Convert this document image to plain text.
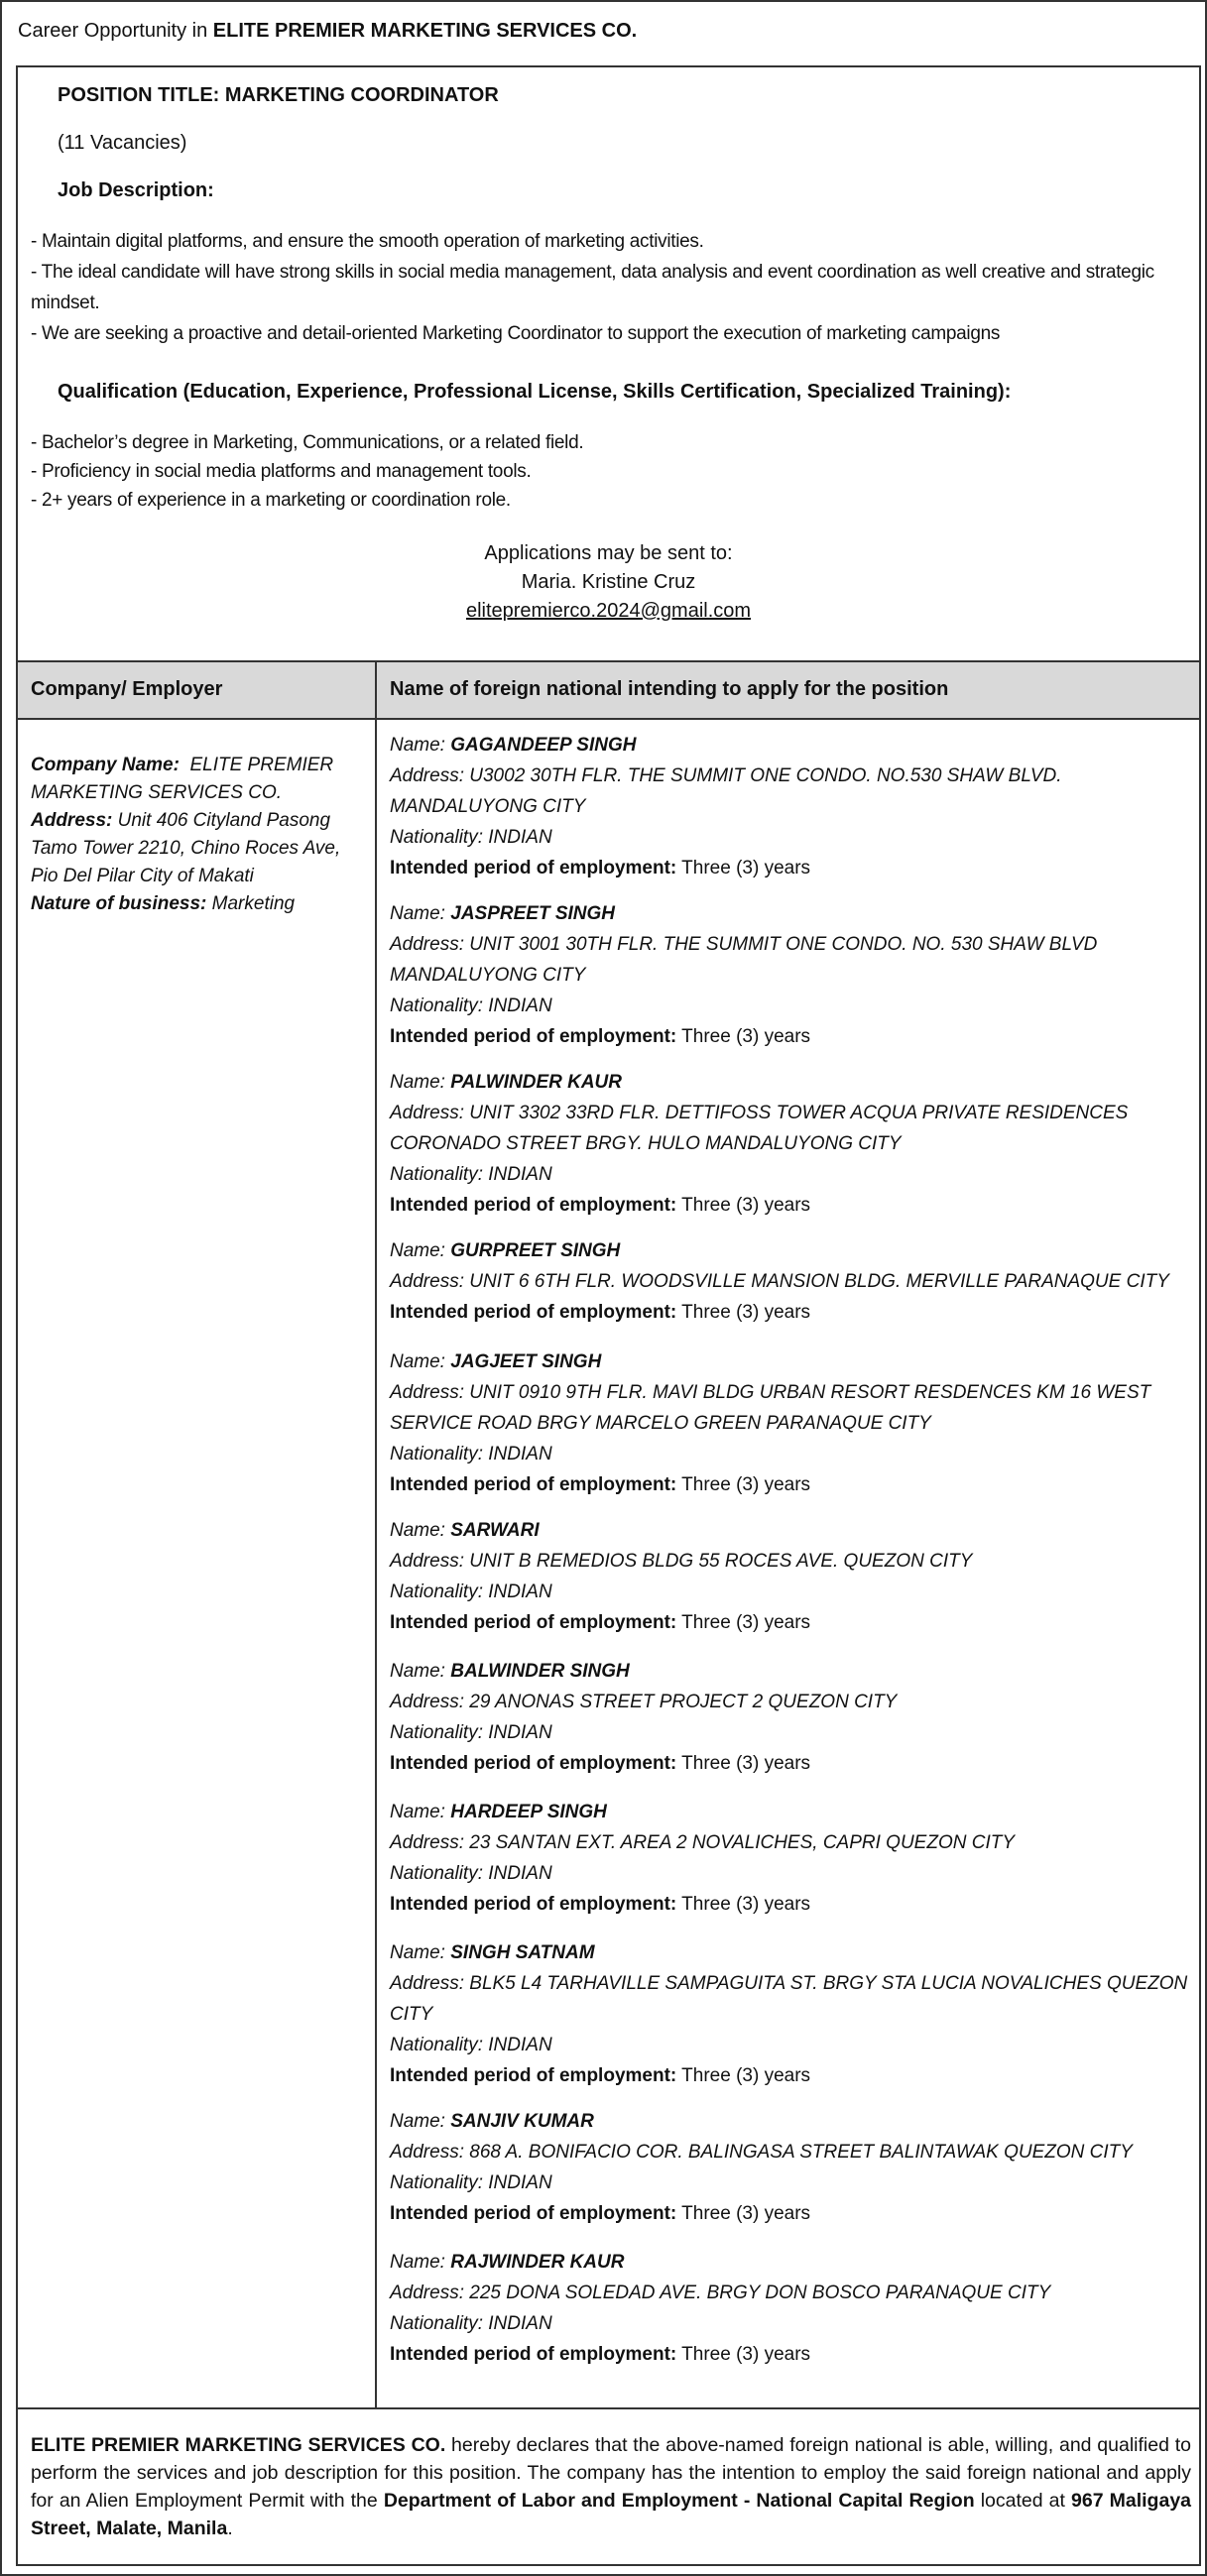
Career Opportunity in ELITE PREMIER MARKETING SERVICES CO.
POSITION TITLE: MARKETING COORDINATOR
(11 Vacancies)
Job Description:
- Maintain digital platforms, and ensure the smooth operation of marketing activities.
- The ideal candidate will have strong skills in social media management, data analysis and event coordination as well creative and strategic mindset.
- We are seeking a proactive and detail-oriented Marketing Coordinator to support the execution of marketing campaigns
Qualification (Education, Experience, Professional License, Skills Certification, Specialized Training):
- Bachelor’s degree in Marketing, Communications, or a related field.
- Proficiency in social media platforms and management tools.
- 2+ years of experience in a marketing or coordination role.
Applications may be sent to:
Maria. Kristine Cruz
elitepremierco.2024@gmail.com
Company/ Employer	Name of foreign national intending to apply for the position
Company Name: ELITE PREMIER MARKETING SERVICES CO.
Address: Unit 406 Cityland Pasong Tamo Tower 2210, Chino Roces Ave, Pio Del Pilar City of Makati
Nature of business: Marketing
Name: GAGANDEEP SINGH
Address: U3002 30TH FLR. THE SUMMIT ONE CONDO. NO.530 SHAW BLVD. MANDALUYONG CITY
Nationality: INDIAN
Intended period of employment: Three (3) years
Name: JASPREET SINGH
Address: UNIT 3001 30TH FLR. THE SUMMIT ONE CONDO. NO. 530 SHAW BLVD MANDALUYONG CITY
Nationality: INDIAN
Intended period of employment: Three (3) years
Name: PALWINDER KAUR
Address: UNIT 3302 33RD FLR. DETTIFOSS TOWER ACQUA PRIVATE RESIDENCES CORONADO STREET BRGY. HULO MANDALUYONG CITY
Nationality: INDIAN
Intended period of employment: Three (3) years
Name: GURPREET SINGH
Address: UNIT 6 6TH FLR. WOODSVILLE MANSION BLDG. MERVILLE PARANAQUE CITY
Intended period of employment: Three (3) years
Name: JAGJEET SINGH
Address: UNIT 0910 9TH FLR. MAVI BLDG URBAN RESORT RESDENCES KM 16 WEST SERVICE ROAD BRGY MARCELO GREEN PARANAQUE CITY
Nationality: INDIAN
Intended period of employment: Three (3) years
Name: SARWARI
Address: UNIT B REMEDIOS BLDG 55 ROCES AVE. QUEZON CITY
Nationality: INDIAN
Intended period of employment: Three (3) years
Name: BALWINDER SINGH
Address: 29 ANONAS STREET PROJECT 2 QUEZON CITY
Nationality: INDIAN
Intended period of employment: Three (3) years
Name: HARDEEP SINGH
Address: 23 SANTAN EXT. AREA 2 NOVALICHES, CAPRI QUEZON CITY
Nationality: INDIAN
Intended period of employment: Three (3) years
Name: SINGH SATNAM
Address: BLK5 L4 TARHAVILLE SAMPAGUITA ST. BRGY STA LUCIA NOVALICHES QUEZON CITY
Nationality: INDIAN
Intended period of employment: Three (3) years
Name: SANJIV KUMAR
Address: 868 A. BONIFACIO COR. BALINGASA STREET BALINTAWAK QUEZON CITY
Nationality: INDIAN
Intended period of employment: Three (3) years
Name: RAJWINDER KAUR
Address: 225 DONA SOLEDAD AVE. BRGY DON BOSCO PARANAQUE CITY
Nationality: INDIAN
Intended period of employment: Three (3) years
ELITE PREMIER MARKETING SERVICES CO. hereby declares that the above-named foreign national is able, willing, and qualified to perform the services and job description for this position. The company has the intention to employ the said foreign national and apply for an Alien Employment Permit with the Department of Labor and Employment - National Capital Region located at 967 Maligaya Street, Malate, Manila.
